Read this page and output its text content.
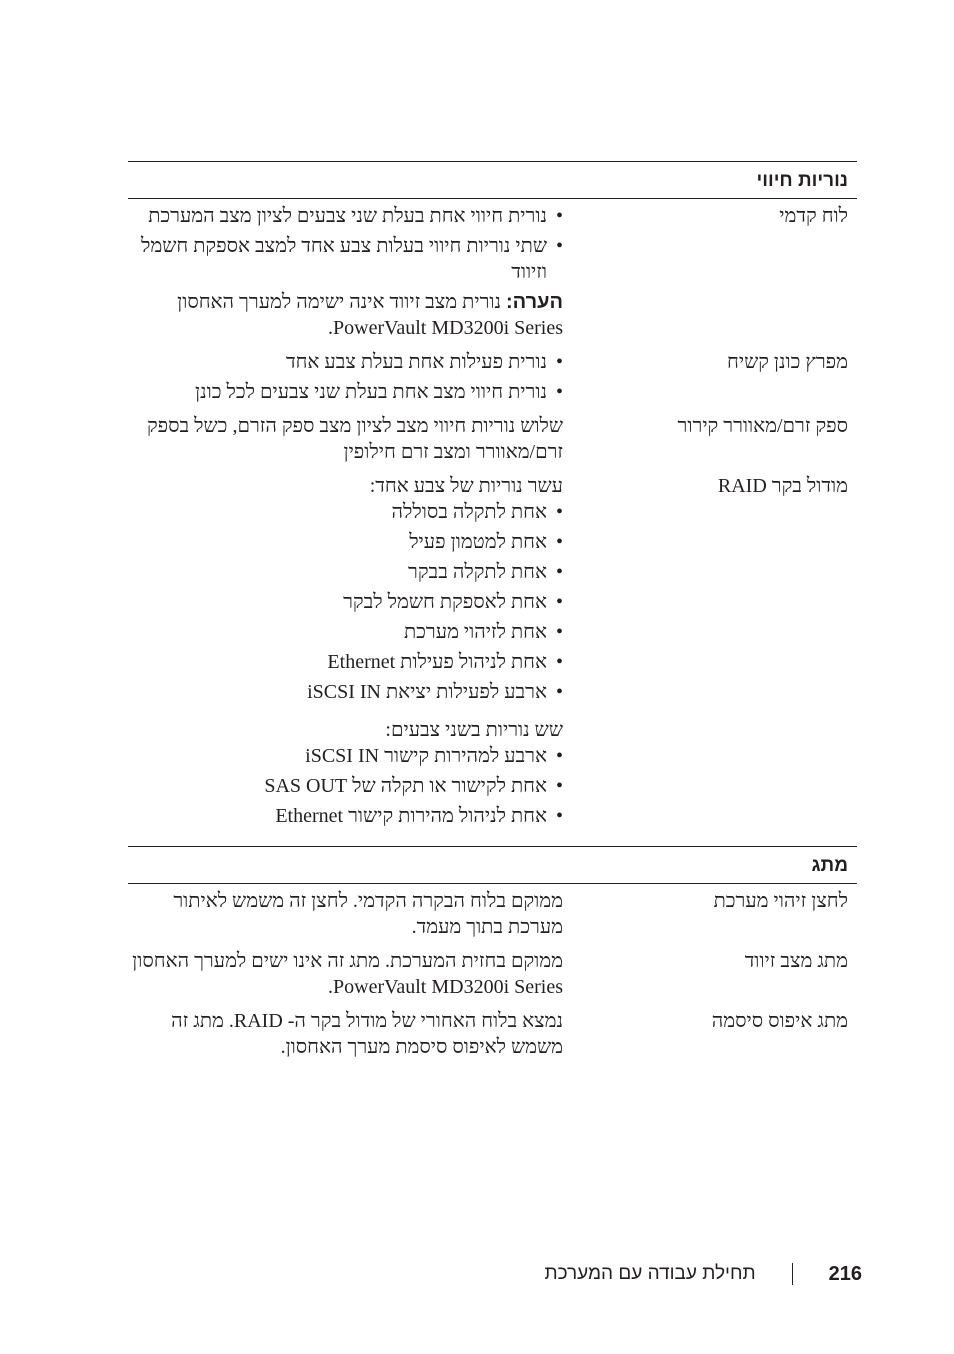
נוריות חיווי
לוח קדמי
• נורית חיווי אחת בעלת שני צבעים לציון מצב המערכת
• שתי נוריות חיווי בעלות צבע אחד למצב אספקת חשמל וזיווד

הערה: נורית מצב זיווד אינה ישימה למערך האחסון PowerVault MD3200i Series.

מפרץ כונן קשיח
• נורית פעילות אחת בעלת צבע אחד
• נורית חיווי מצב אחת בעלת שני צבעים לכל כונן
ספק זרם/מאוורר קירור

שלוש נוריות חיווי מצב לציון מצב ספק הזרם, כשל בספק זרם/מאוורר ומצב זרם חילופין

מודול בקר RAID

עשר נוריות של צבע אחד:

• אחת לתקלה בסוללה
• אחת למטמון פעיל
• אחת לתקלה בבקר
• אחת לאספקת חשמל לבקר
• אחת לזיהוי מערכת
• אחת לניהול פעילות Ethernet
• ארבע לפעילות יציאת iSCSI IN

שש נוריות בשני צבעים:

• ארבע למהירות קישור iSCSI IN
• אחת לקישור או תקלה של SAS OUT
• אחת לניהול מהירות קישור Ethernet
מתג
לחצן זיהוי מערכת

ממוקם בלוח הבקרה הקדמי. לחצן זה משמש לאיתור מערכת בתוך מעמד.

מתג מצב זיווד

ממוקם בחזית המערכת. מתג זה אינו ישים למערך האחסון PowerVault MD3200i Series.

מתג איפוס סיסמה

נמצא בלוח האחורי של מודול בקר ה- RAID. מתג זה משמש לאיפוס סיסמת מערך האחסון.

216
תחילת עבודה עם המערכת
